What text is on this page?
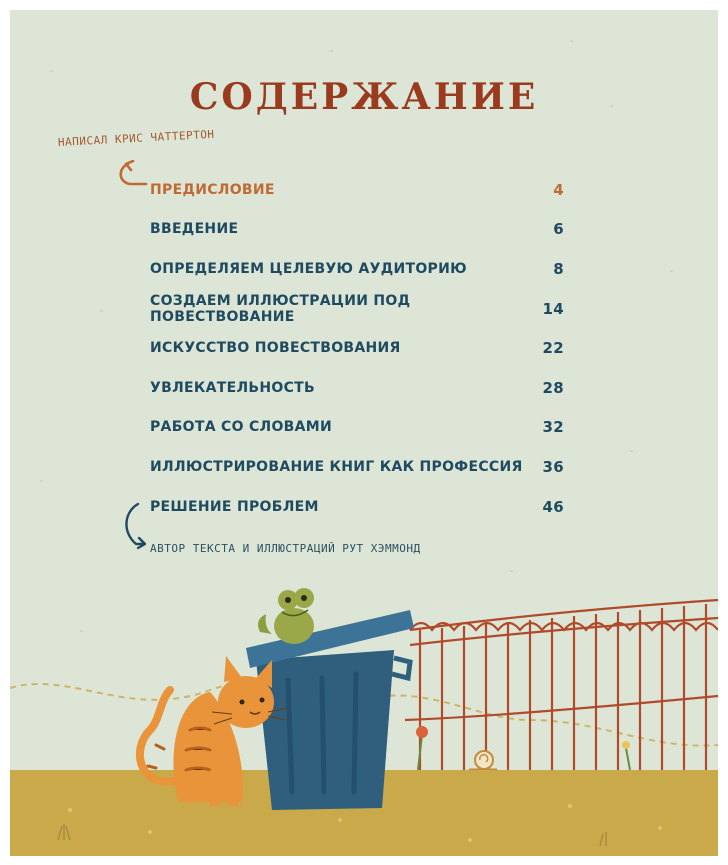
СОДЕРЖАНИЕ
НАПИСАЛ КРИС ЧАТТЕРТОН
ПРЕДИСЛОВИЕ	4
ВВЕДЕНИЕ	6
ОПРЕДЕЛЯЕМ ЦЕЛЕВУЮ АУДИТОРИЮ	8
СОЗДАЕМ ИЛЛЮСТРАЦИИ ПОД ПОВЕСТВОВАНИЕ	14
ИСКУССТВО ПОВЕСТВОВАНИЯ	22
УВЛЕКАТЕЛЬНОСТЬ	28
РАБОТА СО СЛОВАМИ	32
ИЛЛЮСТРИРОВАНИЕ КНИГ КАК ПРОФЕССИЯ 36
РЕШЕНИЕ ПРОБЛЕМ	46
АВТОР ТЕКСТА И ИЛЛЮСТРАЦИЙ РУТ ХЭММОНД
